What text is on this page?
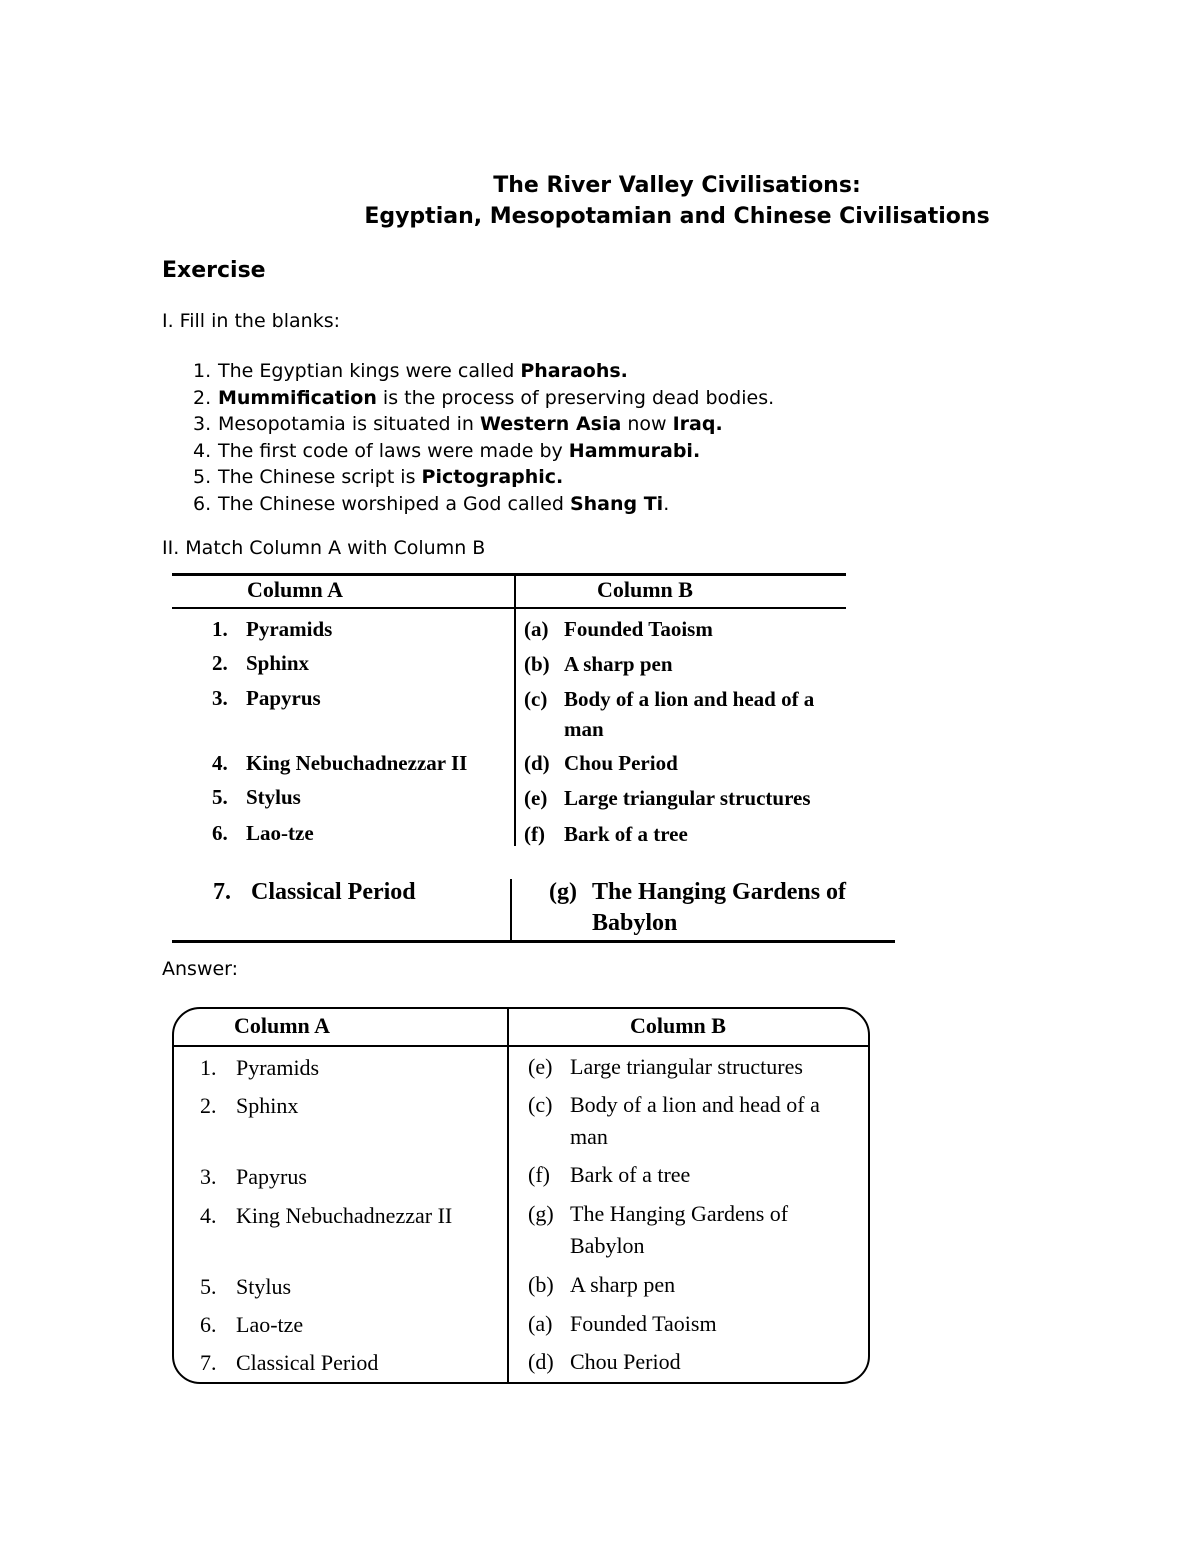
The River Valley Civilisations:
Egyptian, Mesopotamian and Chinese Civilisations
Exercise
I. Fill in the blanks:
1. The Egyptian kings were called Pharaohs.
2. Mummification is the process of preserving dead bodies.
3. Mesopotamia is situated in Western Asia now Iraq.
4. The first code of laws were made by Hammurabi.
5. The Chinese script is Pictographic.
6. The Chinese worshiped a God called Shang Ti.
II. Match Column A with Column B
Column A	Column B
1. Pyramids
2. Sphinx
3. Papyrus
4. King Nebuchadnezzar II
5. Stylus
6. Lao-tze
7. Classical Period
(a) Founded Taoism
(b) A sharp pen
(c) Body of a lion and head of a
man
(d) Chou Period
(e) Large triangular structures
(f) Bark of a tree
(g) The Hanging Gardens of
Babylon
Answer:
Column A	Column B
1. Pyramids
2. Sphinx
3. Papyrus
4. King Nebuchadnezzar II
5. Stylus
6. Lao-tze
7. Classical Period
(e) Large triangular structures
(c) Body of a lion and head of a
man
(f) Bark of a tree
(g) The Hanging Gardens of
Babylon
(b) A sharp pen
(a) Founded Taoism
(d) Chou Period
